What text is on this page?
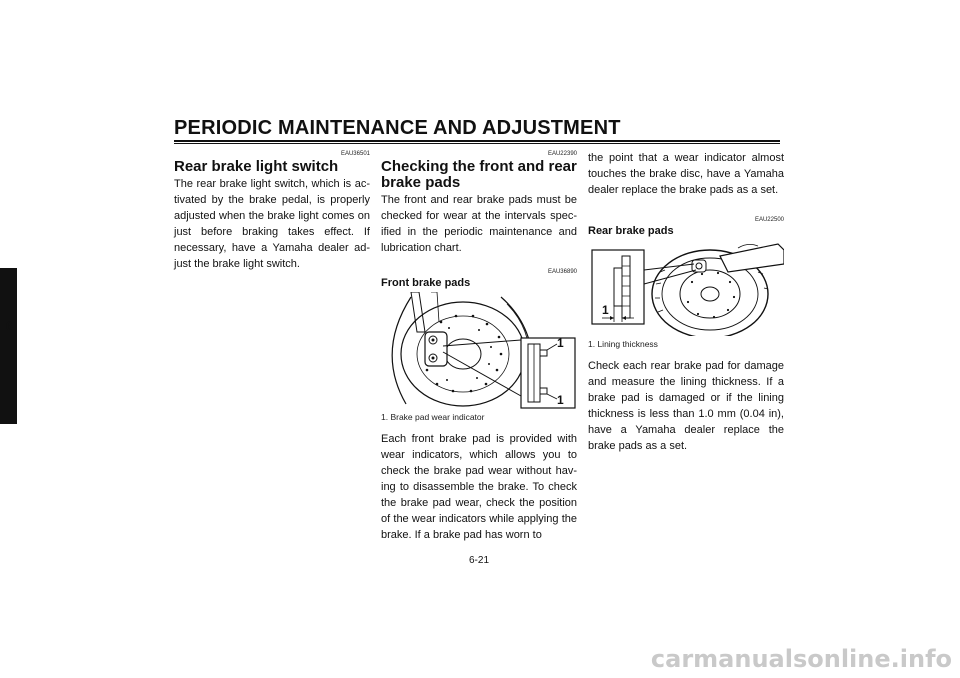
PERIODIC MAINTENANCE AND ADJUSTMENT
6
EAU36501
Rear brake light switch

The rear brake light switch, which is ac-tivated by the brake pedal, is properly adjusted when the brake light comes on just before braking takes effect. If necessary, have a Yamaha dealer ad-just the brake light switch.

EAU22390
Checking the front and rear brake pads

The front and rear brake pads must be checked for wear at the intervals spec-ified in the periodic maintenance and lubrication chart.

EAU36890
Front brake pads
1
1
1. Brake pad wear indicator

Each front brake pad is provided with wear indicators, which allows you to check the brake pad wear without hav-ing to disassemble the brake. To check the brake pad wear, check the position of the wear indicators while applying the brake. If a brake pad has worn to

the point that a wear indicator almost touches the brake disc, have a Yamaha dealer replace the brake pads as a set.

EAU22500
Rear brake pads
1
1. Lining thickness

Check each rear brake pad for damage and measure the lining thickness. If a brake pad is damaged or if the lining thickness is less than 1.0 mm (0.04 in), have a Yamaha dealer replace the brake pads as a set.

6-21
carmanualsonline.info
